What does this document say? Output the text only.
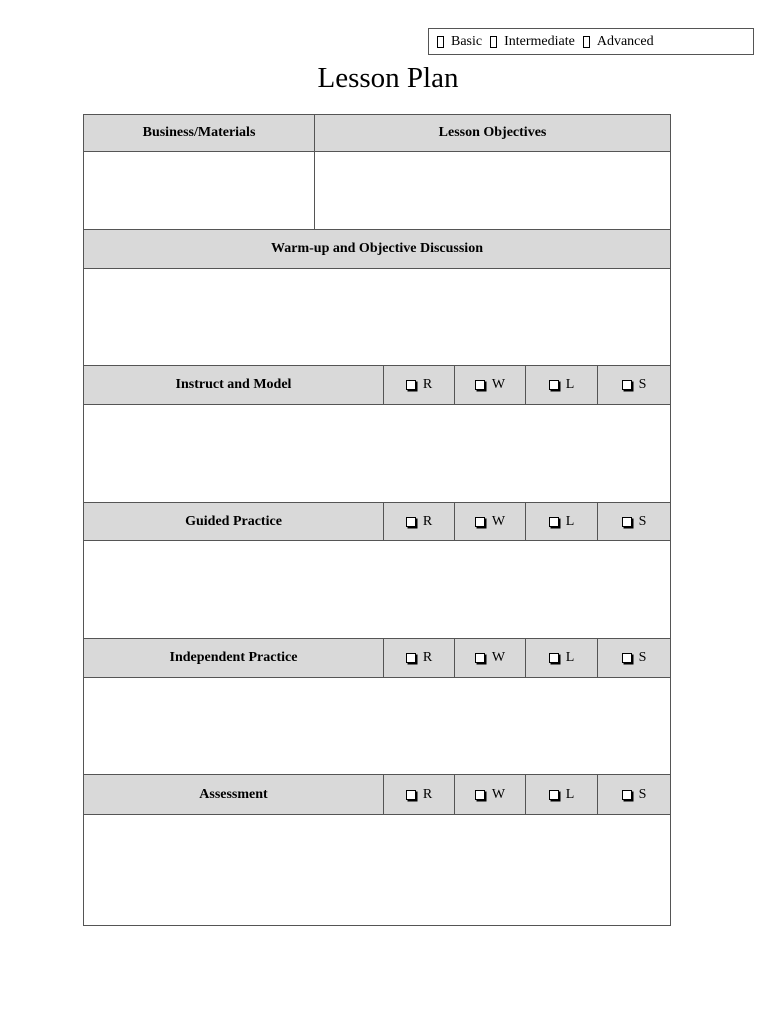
Basic Intermediate Advanced
Lesson Plan
Business/Materials	Lesson Objectives
Warm-up and Objective Discussion
Instruct and Model	R	W	L	S
Guided Practice	R	W	L	S
Independent Practice	R	W	L	S
Assessment	R	W	L	S
